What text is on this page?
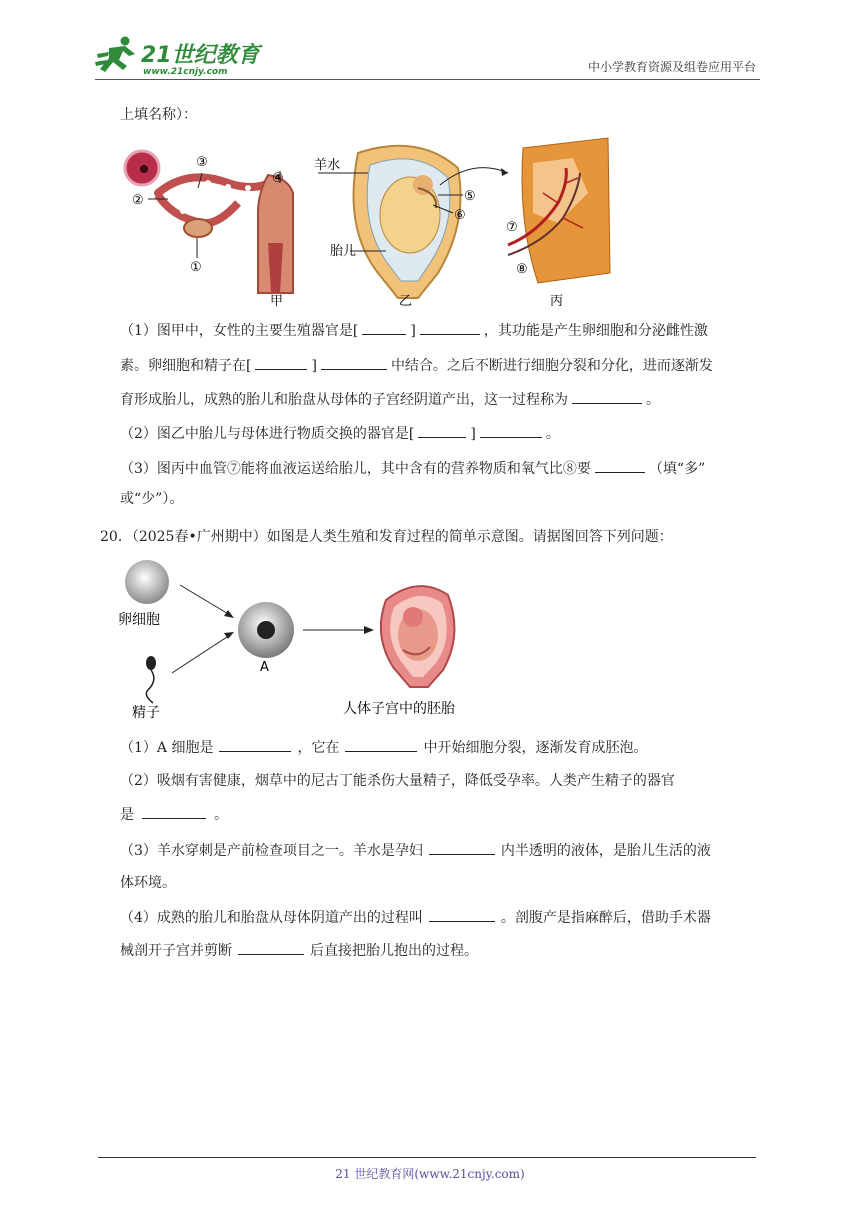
21世纪教育
www.21cnjy.com	中小学教育资源及组卷应用平台
上填名称）：
②
③
①
④
甲
羊水
⑤
⑥
胎儿
乙
⑦
⑧
丙
（1）图甲中，女性的主要生殖器官是[	]	，其功能是产生卵细胞和分泌雌性激
素。卵细胞和精子在[	]	中结合。之后不断进行细胞分裂和分化，进而逐渐发
育形成胎儿，成熟的胎儿和胎盘从母体的子宫经阴道产出，这一过程称为	。
（2）图乙中胎儿与母体进行物质交换的器官是[	]	。
（3）图丙中血管⑦能将血液运送给胎儿，其中含有的营养物质和氧气比⑧要	（填“多”
或“少”）。
20．（2025春•广州期中）如图是人类生殖和发育过程的简单示意图。请据图回答下列问题：
卵细胞
精子
A
人体子宫中的胚胎
（1）A 细胞是	，它在	中开始细胞分裂，逐渐发育成胚泡。
（2）吸烟有害健康，烟草中的尼古丁能杀伤大量精子，降低受孕率。人类产生精子的器官
是	。
（3）羊水穿刺是产前检查项目之一。羊水是孕妇	内半透明的液体，是胎儿生活的液
体环境。
（4）成熟的胎儿和胎盘从母体阴道产出的过程叫	。剖腹产是指麻醉后，借助手术器
械剖开子宫并剪断	后直接把胎儿抱出的过程。
21 世纪教育网(www.21cnjy.com)
